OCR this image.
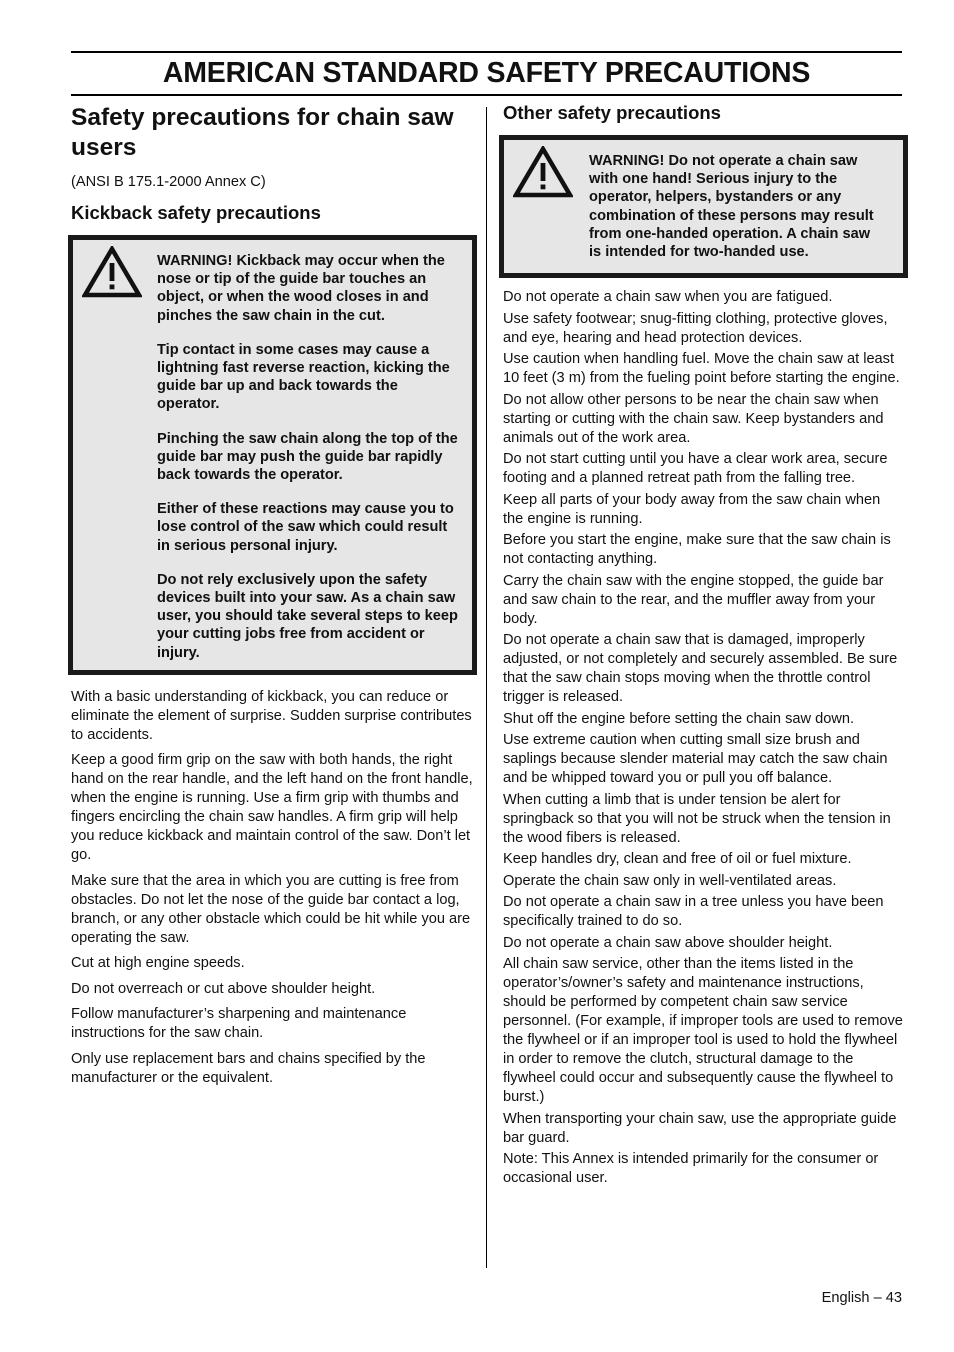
AMERICAN STANDARD SAFETY PRECAUTIONS
Safety precautions for chain saw users

(ANSI B 175.1-2000 Annex C)

Kickback safety precautions

WARNING! Kickback may occur when the nose or tip of the guide bar touches an object, or when the wood closes in and pinches the saw chain in the cut.

Tip contact in some cases may cause a lightning fast reverse reaction, kicking the guide bar up and back towards the operator.

Pinching the saw chain along the top of the guide bar may push the guide bar rapidly back towards the operator.

Either of these reactions may cause you to lose control of the saw which could result in serious personal injury.

Do not rely exclusively upon the safety devices built into your saw. As a chain saw user, you should take several steps to keep your cutting jobs free from accident or injury.

With a basic understanding of kickback, you can reduce or eliminate the element of surprise. Sudden surprise contributes to accidents.

Keep a good firm grip on the saw with both hands, the right hand on the rear handle, and the left hand on the front handle, when the engine is running. Use a firm grip with thumbs and fingers encircling the chain saw handles. A firm grip will help you reduce kickback and maintain control of the saw. Don’t let go.

Make sure that the area in which you are cutting is free from obstacles. Do not let the nose of the guide bar contact a log, branch, or any other obstacle which could be hit while you are operating the saw.

Cut at high engine speeds.

Do not overreach or cut above shoulder height.

Follow manufacturer’s sharpening and maintenance instructions for the saw chain.

Only use replacement bars and chains specified by the manufacturer or the equivalent.

Other safety precautions

WARNING! Do not operate a chain saw with one hand! Serious injury to the operator, helpers, bystanders or any combination of these persons may result from one-handed operation. A chain saw is intended for two-handed use.

Do not operate a chain saw when you are fatigued.

Use safety footwear; snug-fitting clothing, protective gloves, and eye, hearing and head protection devices.

Use caution when handling fuel. Move the chain saw at least 10 feet (3 m) from the fueling point before starting the engine.

Do not allow other persons to be near the chain saw when starting or cutting with the chain saw. Keep bystanders and animals out of the work area.

Do not start cutting until you have a clear work area, secure footing and a planned retreat path from the falling tree.

Keep all parts of your body away from the saw chain when the engine is running.

Before you start the engine, make sure that the saw chain is not contacting anything.

Carry the chain saw with the engine stopped, the guide bar and saw chain to the rear, and the muffler away from your body.

Do not operate a chain saw that is damaged, improperly adjusted, or not completely and securely assembled. Be sure that the saw chain stops moving when the throttle control trigger is released.

Shut off the engine before setting the chain saw down.

Use extreme caution when cutting small size brush and saplings because slender material may catch the saw chain and be whipped toward you or pull you off balance.

When cutting a limb that is under tension be alert for springback so that you will not be struck when the tension in the wood fibers is released.

Keep handles dry, clean and free of oil or fuel mixture.

Operate the chain saw only in well-ventilated areas.

Do not operate a chain saw in a tree unless you have been specifically trained to do so.

Do not operate a chain saw above shoulder height.

All chain saw service, other than the items listed in the operator’s/owner’s safety and maintenance instructions, should be performed by competent chain saw service personnel. (For example, if improper tools are used to remove the flywheel or if an improper tool is used to hold the flywheel in order to remove the clutch, structural damage to the flywheel could occur and subsequently cause the flywheel to burst.)

When transporting your chain saw, use the appropriate guide bar guard.

Note: This Annex is intended primarily for the consumer or occasional user.

English – 43
